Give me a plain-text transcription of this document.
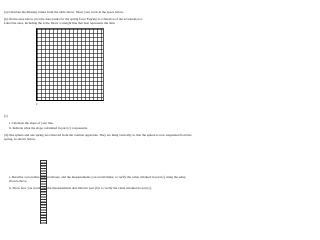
(a) Calculate the missing values from the table above. Show your work in the space below.
(b) On the axes below, plot the data points for the spring force Fspring as a function of the acceleration a.
Label the axes, including the scale. Draw a straight line that best represents the data.
0
(c)
i. Calculate the slope of your line.
ii. Indicate what the slope calculated in part (c) i represents.
(d) One sphere and one spring are removed from the rotation apparatus. They are hung vertically so that the sphere is now suspended from the spring, as shown below.
i. Describe a procedure you would use, and the measurements you would make, to verify the value obtained in part (c) using the setup shown above.
ii. Show how you would use the measurements described in part (d) i to verify the value obtained in part (c).
